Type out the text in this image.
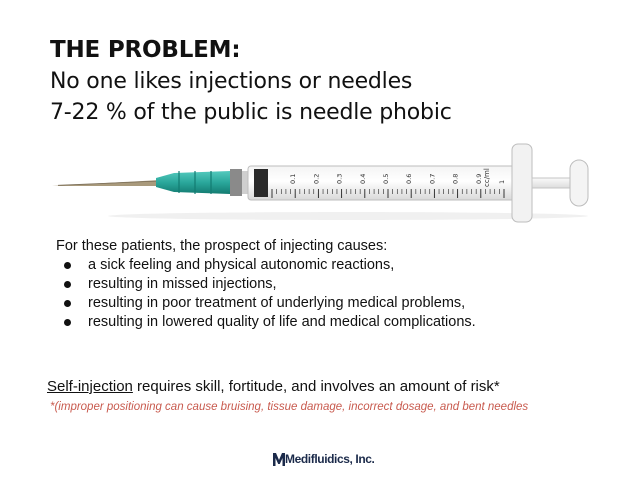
THE PROBLEM:
No one likes injections or needles
7-22 % of the public is needle phobic
1
0.9
0.8
0.7
0.6
0.5
0.4
0.3
0.2
0.1	cc/ml
For these patients, the prospect of injecting causes:
a sick feeling and physical autonomic reactions,
resulting in missed injections,
resulting in poor treatment of underlying medical problems,
resulting in lowered quality of life and medical complications.
Self-injection requires skill, fortitude, and involves an amount of risk*
*(improper positioning can cause bruising, tissue damage, incorrect dosage, and bent needles
Medifluidics, Inc.
